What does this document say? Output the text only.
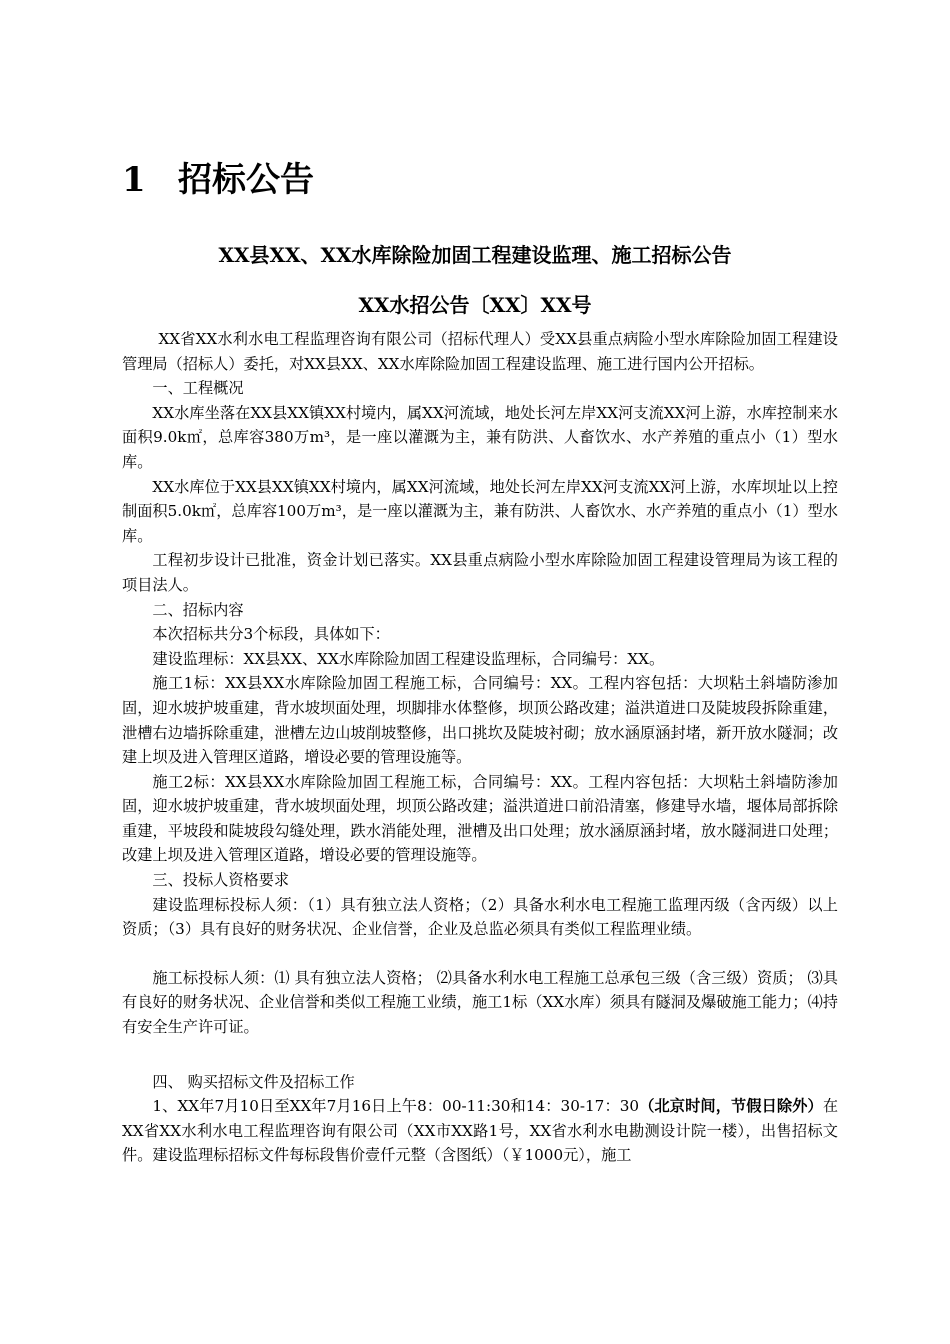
1 招标公告
XX县XX、XX水库除险加固工程建设监理、施工招标公告
XX水招公告〔XX〕XX号

XX省XX水利水电工程监理咨询有限公司（招标代理人）受XX县重点病险小型水库除险加固工程建设管理局（招标人）委托，对XX县XX、XX水库除险加固工程建设监理、施工进行国内公开招标。

一、工程概况

XX水库坐落在XX县XX镇XX村境内，属XX河流域，地处长河左岸XX河支流XX河上游，水库控制来水面积9.0k㎡，总库容380万m³，是一座以灌溉为主，兼有防洪、人畜饮水、水产养殖的重点小（1）型水库。

XX水库位于XX县XX镇XX村境内，属XX河流域，地处长河左岸XX河支流XX河上游，水库坝址以上控制面积5.0k㎡，总库容100万m³，是一座以灌溉为主，兼有防洪、人畜饮水、水产养殖的重点小（1）型水库。

工程初步设计已批准，资金计划已落实。XX县重点病险小型水库除险加固工程建设管理局为该工程的项目法人。

二、招标内容

本次招标共分3个标段，具体如下：

建设监理标：XX县XX、XX水库除险加固工程建设监理标，合同编号：XX。

施工1标：XX县XX水库除险加固工程施工标，合同编号：XX。工程内容包括：大坝粘土斜墙防渗加固，迎水坡护坡重建，背水坡坝面处理，坝脚排水体整修，坝顶公路改建；溢洪道进口及陡坡段拆除重建，泄槽右边墙拆除重建，泄槽左边山坡削坡整修，出口挑坎及陡坡衬砌；放水涵原涵封堵，新开放水隧洞；改建上坝及进入管理区道路，增设必要的管理设施等。

施工2标：XX县XX水库除险加固工程施工标，合同编号：XX。工程内容包括：大坝粘土斜墙防渗加固，迎水坡护坡重建，背水坡坝面处理，坝顶公路改建；溢洪道进口前沿清塞，修建导水墙，堰体局部拆除重建，平坡段和陡坡段勾缝处理，跌水消能处理，泄槽及出口处理；放水涵原涵封堵，放水隧洞进口处理；改建上坝及进入管理区道路，增设必要的管理设施等。

三、投标人资格要求

建设监理标投标人须：（1）具有独立法人资格；（2）具备水利水电工程施工监理丙级（含丙级）以上资质；（3）具有良好的财务状况、企业信誉，企业及总监必须具有类似工程监理业绩。

施工标投标人须：⑴ 具有独立法人资格； ⑵具备水利水电工程施工总承包三级（含三级）资质； ⑶具有良好的财务状况、企业信誉和类似工程施工业绩，施工1标（XX水库）须具有隧洞及爆破施工能力；⑷持有安全生产许可证。

四、 购买招标文件及招标工作

1、XX年7月10日至XX年7月16日上午8：00-11:30和14：30-17：30（北京时间，节假日除外）在XX省XX水利水电工程监理咨询有限公司（XX市XX路1号，XX省水利水电勘测设计院一楼），出售招标文件。建设监理标招标文件每标段售价壹仟元整（含图纸）（￥1000元），施工
